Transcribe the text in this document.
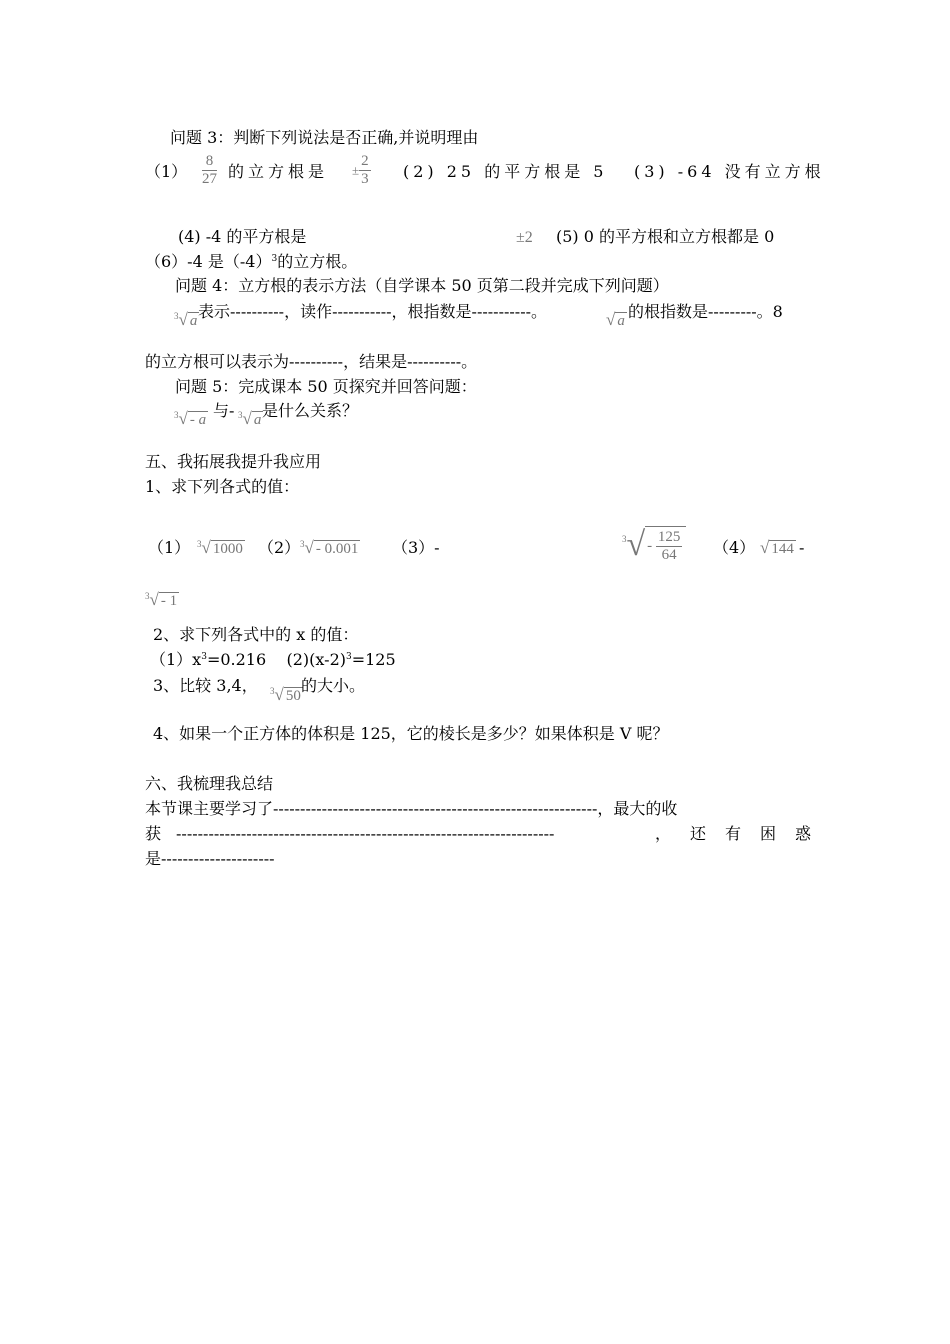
问题 3：判断下列说法是否正确,并说明理由
$(1) \frac{8}{27}$ 的立方根是 ± $\frac{2}{3} (2)$ 25 的平方根是 5 (3) -64 没有立方根
(4) -4 的平方根是	±2 (5) 0 的平方根和立方根都是 0
（6）-4 是$(-4)^3$的立方根。
问题 4：立方根的表示方法（自学课本 50 页第二段并完成下列问题）
$^3$√ a 表示----------，读作-----------，根指数是-----------。	√ a 的根指数是---------。8
的立方根可以表示为----------，结果是----------。
问题 5：完成课本 50 页探究并回答问题：
$^3$√ - a 与- $^3$√ a 是什么关系？
五、我拓展我提升我应用
1、求下列各式的值：
（1） $^3$√ 1000 （2） $^3$√ - 0.001 （3）-	$^3√ - \frac{125}{64} (4)$ √ 144 -
$^3$√ - 1
2、求下列各式中的 x 的值：
$(1)x^3=0.216$    $(2)(x-2)^3=125$
3、比较 3,4， $^3$√ 50
的大小。
4、如果一个正方体的体积是 125，它的棱长是多少？如果体积是 V 呢？
六、我梳理我总结
本节课主要学习了------------------------------------------------------------，最大的收
获 ----------------------------------------------------------------------	， 还有困惑
是---------------------
